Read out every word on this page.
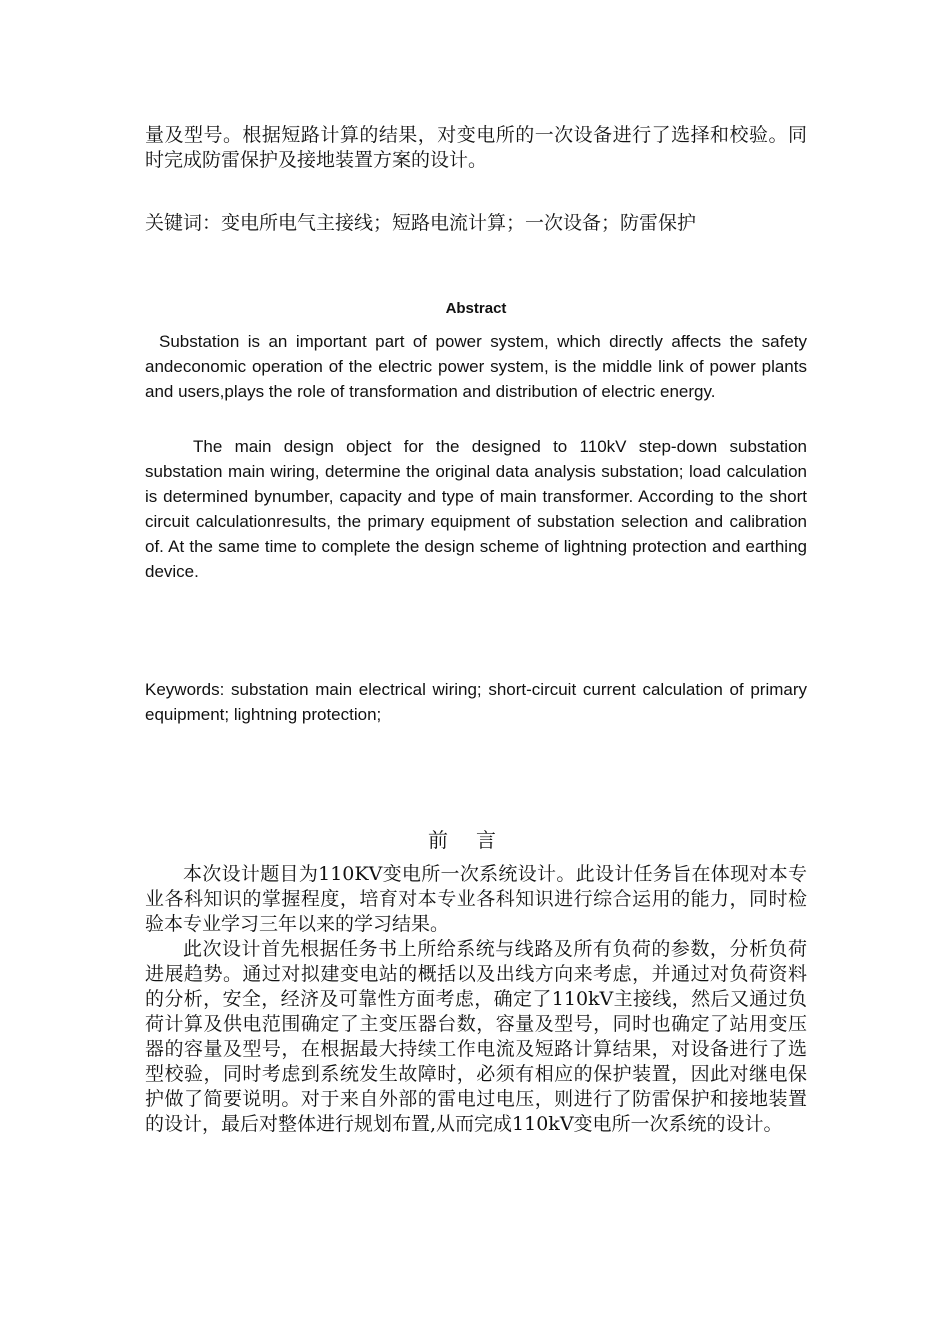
量及型号。根据短路计算的结果，对变电所的一次设备进行了选择和校验。同时完成防雷保护及接地装置方案的设计。

关键词：变电所电气主接线；短路电流计算；一次设备；防雷保护

Abstract

Substation is an important part of power system, which directly affects the safety andeconomic operation of the electric power system, is the middle link of power plants and users,plays the role of transformation and distribution of electric energy.

The main design object for the designed to 110kV step-down substation substation main wiring, determine the original data analysis substation; load calculation is determined bynumber, capacity and type of main transformer. According to the short circuit calculationresults, the primary equipment of substation selection and calibration of. At the same time to complete the design scheme of lightning protection and earthing device.

Keywords: substation main electrical wiring; short-circuit current calculation of primary equipment; lightning protection;

前言

本次设计题目为110KV变电所一次系统设计。此设计任务旨在体现对本专业各科知识的掌握程度，培育对本专业各科知识进行综合运用的能力，同时检验本专业学习三年以来的学习结果。

此次设计首先根据任务书上所给系统与线路及所有负荷的参数，分析负荷进展趋势。通过对拟建变电站的概括以及出线方向来考虑，并通过对负荷资料的分析，安全，经济及可靠性方面考虑，确定了110kV主接线，然后又通过负荷计算及供电范围确定了主变压器台数，容量及型号，同时也确定了站用变压器的容量及型号，在根据最大持续工作电流及短路计算结果，对设备进行了选型校验，同时考虑到系统发生故障时，必须有相应的保护装置，因此对继电保护做了简要说明。对于来自外部的雷电过电压，则进行了防雷保护和接地装置的设计，最后对整体进行规划布置,从而完成110kV变电所一次系统的设计。
